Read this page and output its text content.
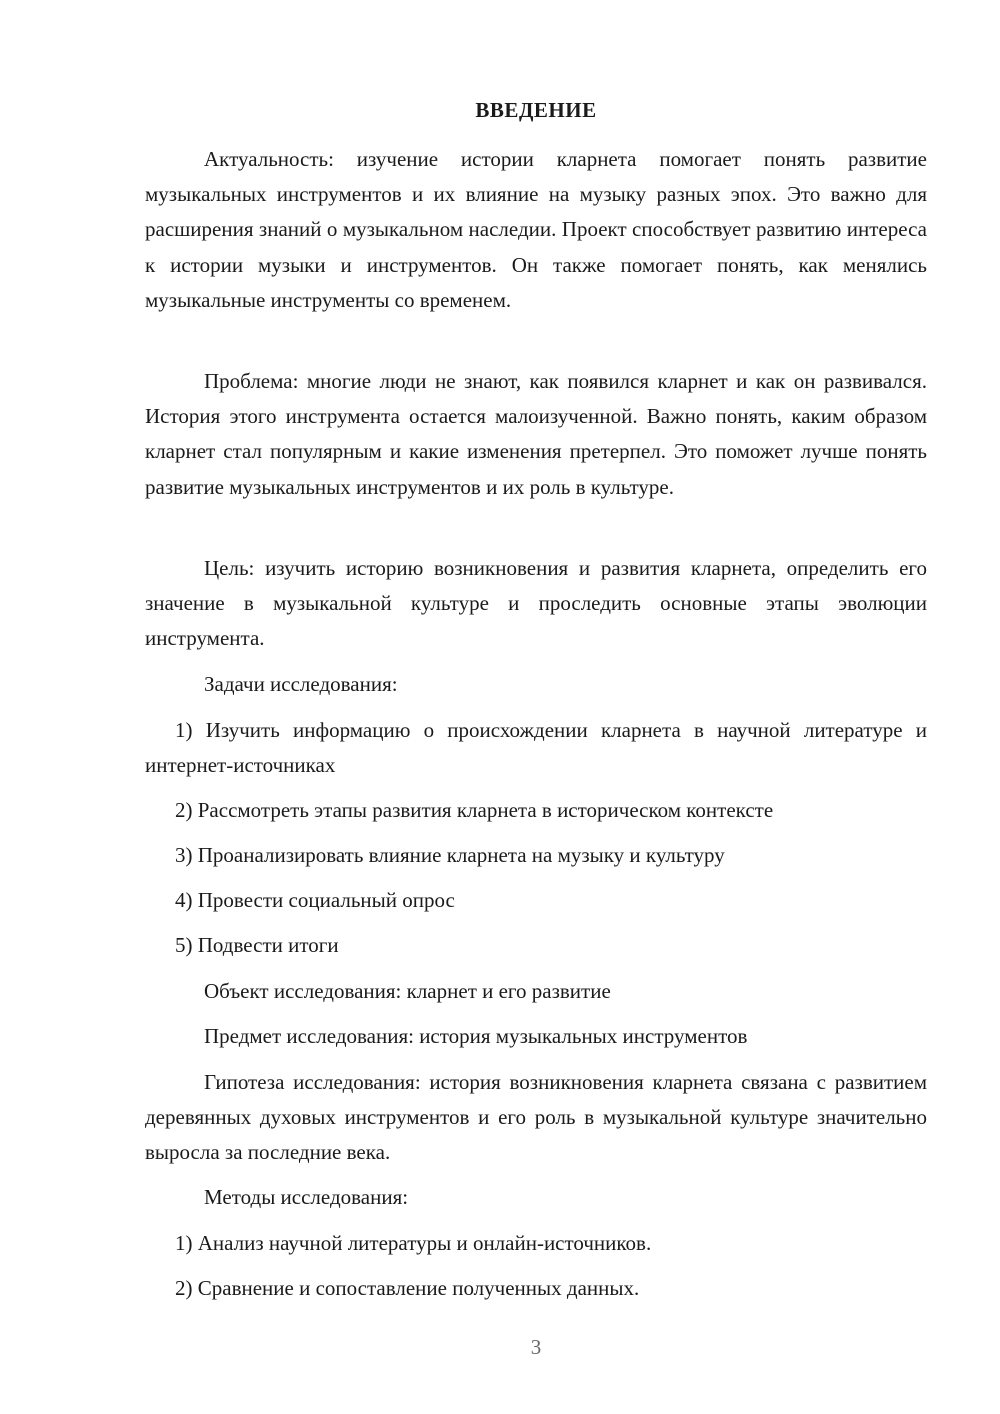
ВВЕДЕНИЕ

Актуальность: изучение истории кларнета помогает понять развитие музыкальных инструментов и их влияние на музыку разных эпох. Это важно для расширения знаний о музыкальном наследии. Проект способствует развитию интереса к истории музыки и инструментов. Он также помогает понять, как менялись музыкальные инструменты со временем.

Проблема: многие люди не знают, как появился кларнет и как он развивался. История этого инструмента остается малоизученной. Важно понять, каким образом кларнет стал популярным и какие изменения претерпел. Это поможет лучше понять развитие музыкальных инструментов и их роль в культуре.

Цель: изучить историю возникновения и развития кларнета, определить его значение в музыкальной культуре и проследить основные этапы эволюции инструмента.

Задачи исследования:

1) Изучить информацию о происхождении кларнета в научной литературе и интернет-источниках

2) Рассмотреть этапы развития кларнета в историческом контексте

3) Проанализировать влияние кларнета на музыку и культуру

4) Провести социальный опрос

5) Подвести итоги

Объект исследования: кларнет и его развитие

Предмет исследования: история музыкальных инструментов

Гипотеза исследования: история возникновения кларнета связана с развитием деревянных духовых инструментов и его роль в музыкальной культуре значительно выросла за последние века.

Методы исследования:

1) Анализ научной литературы и онлайн-источников.

2) Сравнение и сопоставление полученных данных.

3
